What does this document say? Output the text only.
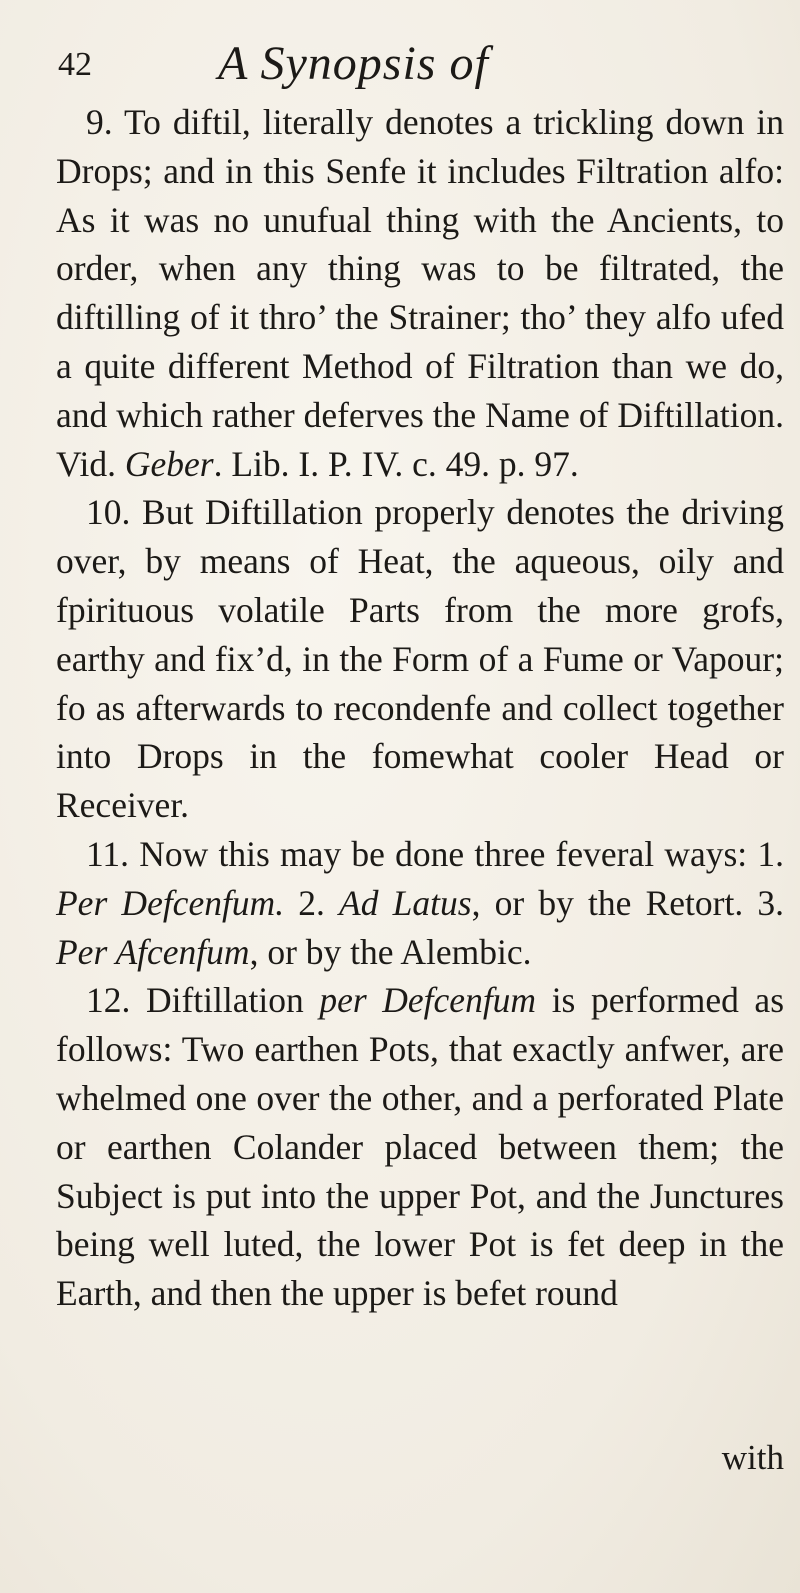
42	A Synopsis of

9. To diftil, literally denotes a trickling down in Drops; and in this Senfe it includes Filtration alfo: As it was no unufual thing with the Ancients, to order, when any thing was to be filtrated, the diftilling of it thro’ the Strainer; tho’ they alfo ufed a quite different Method of Filtration than we do, and which rather deferves the Name of Diftillation. Vid. Geber. Lib. I. P. IV. c. 49. p. 97.

10. But Diftillation properly denotes the driving over, by means of Heat, the aqueous, oily and fpirituous volatile Parts from the more grofs, earthy and fix’d, in the Form of a Fume or Vapour; fo as afterwards to recondenfe and collect together into Drops in the fomewhat cooler Head or Receiver.

11. Now this may be done three feveral ways: 1. Per Defcenfum. 2. Ad Latus, or by the Retort. 3. Per Afcenfum, or by the Alembic.

12. Diftillation per Defcenfum is performed as follows: Two earthen Pots, that exactly anfwer, are whelmed one over the other, and a perforated Plate or earthen Colander placed between them; the Subject is put into the upper Pot, and the Junctures being well luted, the lower Pot is fet deep in the Earth, and then the upper is befet round

with
